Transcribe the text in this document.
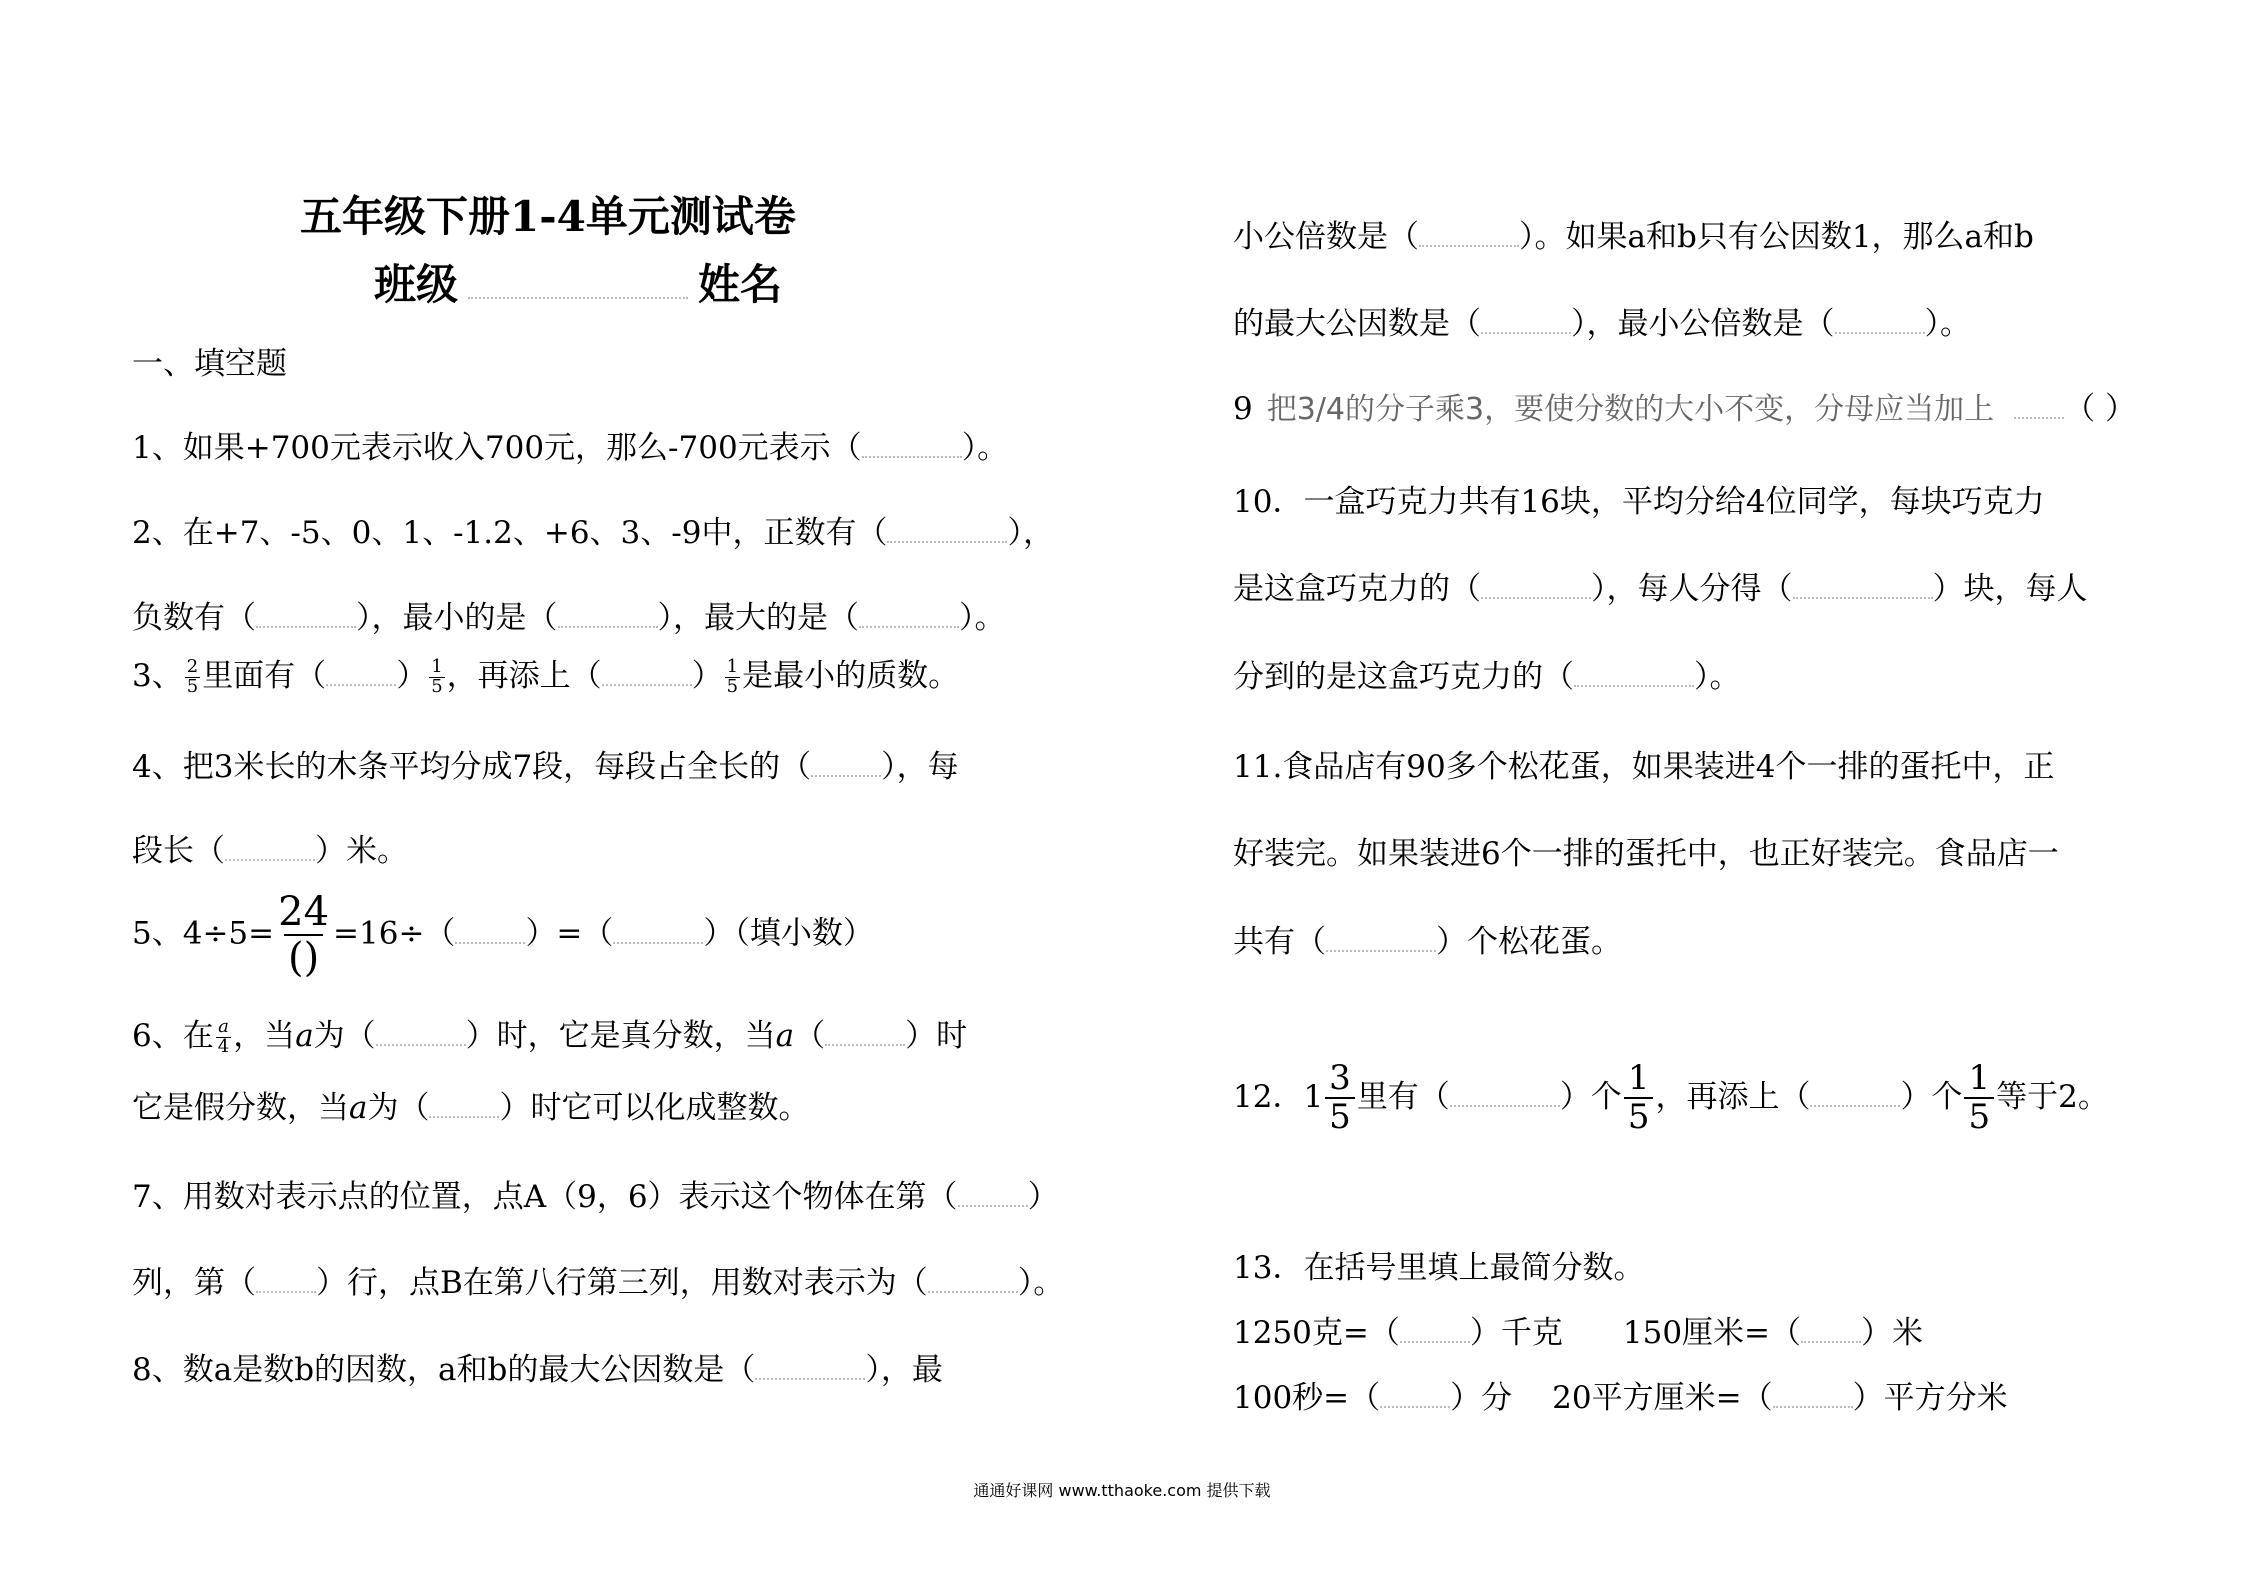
五年级下册1-4单元测试卷
班级	姓名
一、填空题
1、如果+700元表示收入700元，那么-700元表示（	）。
2、在+7、-5、0、1、-1.2、+6、3、-9中，正数有（	），
负数有（	），最小的是（	），最大的是（	）。
3、 $\frac{2}{5}$ 里面有（ ） $\frac{1}{5}$ ，再添上（	） $\frac{1}{5}$ 是最小的质数。
4、把3米长的木条平均分成7段，每段占全长的（ ），每
段长（	）米。
5、$4\div 5= \frac{24}{()} =16\div$（ ）=（	）（填小数）
6、在 $\frac{a}{4}$ ，当a为（	）时，它是真分数，当a（	）时
它是假分数，当a为（ ）时它可以化成整数。
7、用数对表示点的位置，点A（9，6）表示这个物体在第（ ）
列，第（ ）行，点B在第八行第三列，用数对表示为（	）。
8、数a是数b的因数，a和b的最大公因数是（	），最
小公倍数是（	）。如果a和b只有公因数1，那么a和b
的最大公因数是（	），最小公倍数是（	）。
9 把3/4的分子乘3，要使分数的大小不变，分母应当加上 （ ）
10．一盒巧克力共有16块，平均分给4位同学，每块巧克力
是这盒巧克力的（	），每人分得（	）块，每人
分到的是这盒巧克力的（	）。
11.食品店有90多个松花蛋，如果装进4个一排的蛋托中，正
好装完。如果装进6个一排的蛋托中，也正好装完。食品店一
共有（	）个松花蛋。
12．$1 \frac{3}{5}$ 里有（	）个 $\frac{1}{5}$ ，再添上（	）个 $\frac{1}{5}$ 等于2。
13．在括号里填上最简分数。
1250克=（ ）千克 150厘米=（ ）米
100秒=（ ）分 20平方厘米=（	）平方分米
通通好课网 www.tthaoke.com 提供下载
